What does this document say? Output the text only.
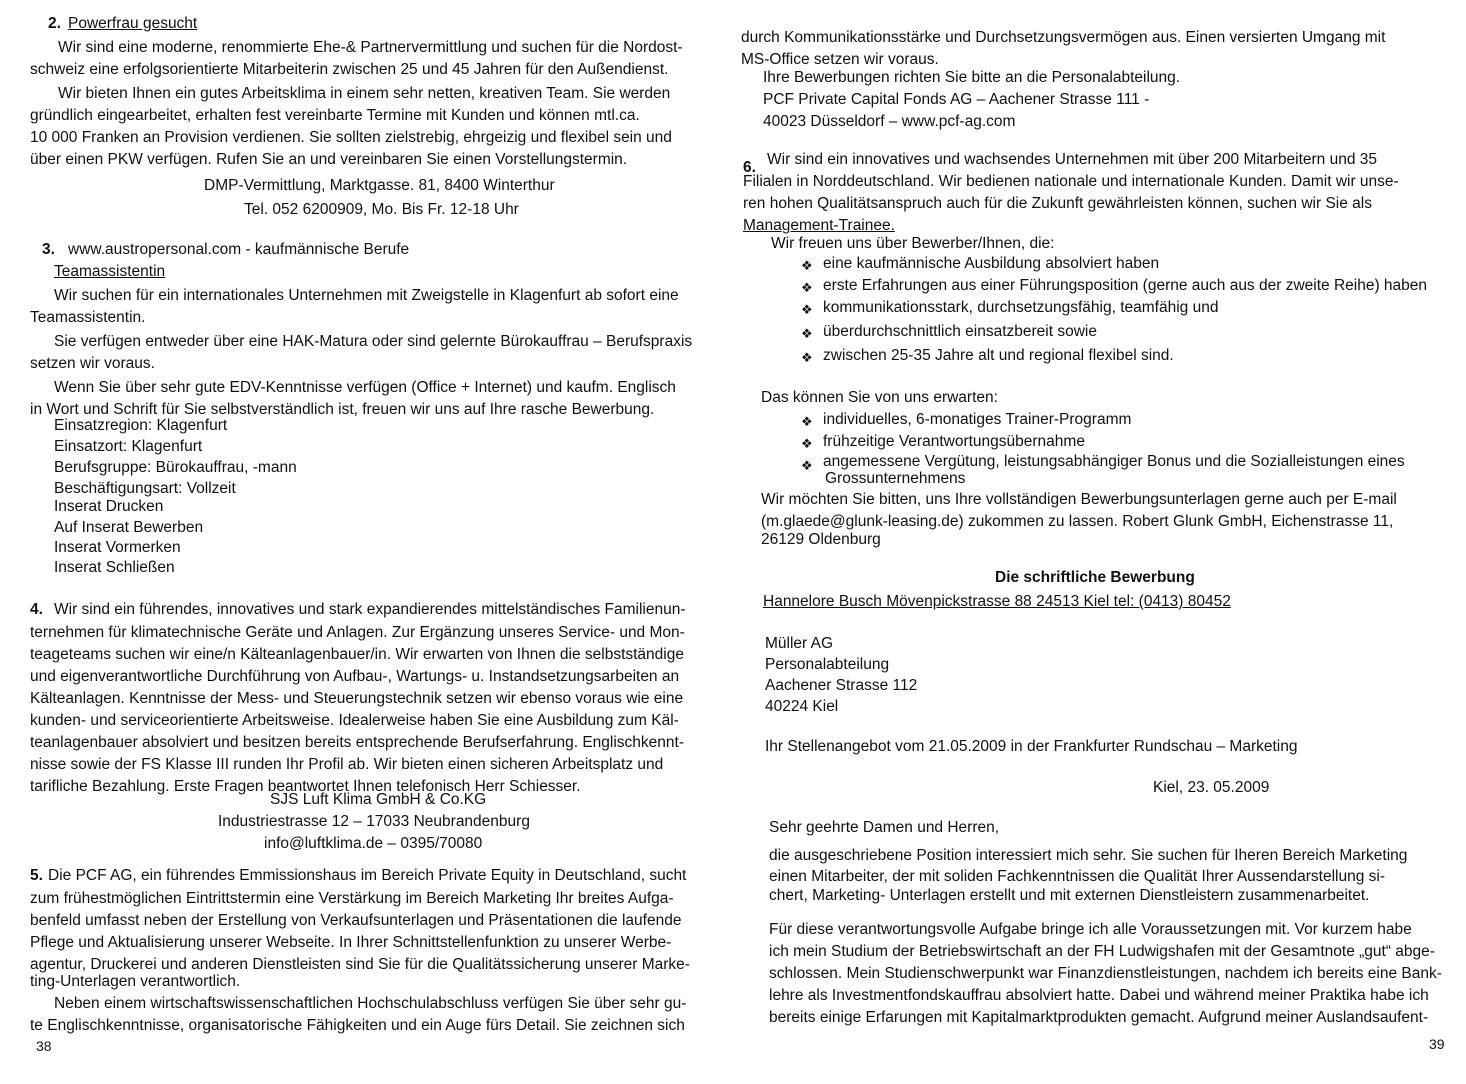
2. Powerfrau gesucht
Wir sind eine moderne, renommierte Ehe-& Partnervermittlung und suchen für die Nordost-
schweiz eine erfolgsorientierte Mitarbeiterin zwischen 25 und 45 Jahren für den Außendienst.
Wir bieten Ihnen ein gutes Arbeitsklima in einem sehr netten, kreativen Team. Sie werden
gründlich eingearbeitet, erhalten fest vereinbarte Termine mit Kunden und können mtl.ca.
10 000 Franken an Provision verdienen. Sie sollten zielstrebig, ehrgeizig und flexibel sein und
über einen PKW verfügen. Rufen Sie an und vereinbaren Sie einen Vorstellungstermin.
DMP-Vermittlung, Marktgasse. 81, 8400 Winterthur
Tel. 052 6200909, Mo. Bis Fr. 12-18 Uhr
3. www.austropersonal.com - kaufmännische Berufe
Teamassistentin
Wir suchen für ein internationales Unternehmen mit Zweigstelle in Klagenfurt ab sofort eine
Teamassistentin.
Sie verfügen entweder über eine HAK-Matura oder sind gelernte Bürokauffrau – Berufspraxis
setzen wir voraus.
Wenn Sie über sehr gute EDV-Kenntnisse verfügen (Office + Internet) und kaufm. Englisch
in Wort und Schrift für Sie selbstverständlich ist, freuen wir uns auf Ihre rasche Bewerbung.
Einsatzregion: Klagenfurt
Einsatzort: Klagenfurt
Berufsgruppe: Bürokauffrau, -mann
Beschäftigungsart: Vollzeit
Inserat Drucken
Auf Inserat Bewerben
Inserat Vormerken
Inserat Schließen
4. Wir sind ein führendes, innovatives und stark expandierendes mittelständisches Familienun-
ternehmen für klimatechnische Geräte und Anlagen. Zur Ergänzung unseres Service- und Mon-
teageteams suchen wir eine/n Kälteanlagenbauer/in. Wir erwarten von Ihnen die selbstständige
und eigenverantwortliche Durchführung von Aufbau-, Wartungs- u. Instandsetzungsarbeiten an
Kälteanlagen. Kenntnisse der Mess- und Steuerungstechnik setzen wir ebenso voraus wie eine
kunden- und serviceorientierte Arbeitsweise. Idealerweise haben Sie eine Ausbildung zum Käl-
teanlagenbauer absolviert und besitzen bereits entsprechende Berufserfahrung. Englischkennt-
nisse sowie der FS Klasse III runden Ihr Profil ab. Wir bieten einen sicheren Arbeitsplatz und
tarifliche Bezahlung. Erste Fragen beantwortet Ihnen telefonisch Herr Schiesser.
SJS Luft Klima GmbH & Co.KG
Industriestrasse 12 – 17033 Neubrandenburg
info@luftklima.de – 0395/70080
5. Die PCF AG, ein führendes Emmissionshaus im Bereich Private Equity in Deutschland, sucht
zum frühestmöglichen Eintrittstermin eine Verstärkung im Bereich Marketing Ihr breites Aufga-
benfeld umfasst neben der Erstellung von Verkaufsunterlagen und Präsentationen die laufende
Pflege und Aktualisierung unserer Webseite. In Ihrer Schnittstellenfunktion zu unserer Werbe-
agentur, Druckerei und anderen Dienstleisten sind Sie für die Qualitätssicherung unserer Marke-
ting-Unterlagen verantwortlich.
Neben einem wirtschaftswissenschaftlichen Hochschulabschluss verfügen Sie über sehr gu-
te Englischkenntnisse, organisatorische Fähigkeiten und ein Auge fürs Detail. Sie zeichnen sich
38
durch Kommunikationsstärke und Durchsetzungsvermögen aus. Einen versierten Umgang mit
MS-Office setzen wir voraus.
Ihre Bewerbungen richten Sie bitte an die Personalabteilung.
PCF Private Capital Fonds AG – Aachener Strasse 111 -
40023 Düsseldorf – www.pcf-ag.com
6. Wir sind ein innovatives und wachsendes Unternehmen mit über 200 Mitarbeitern und 35
Filialen in Norddeutschland. Wir bedienen nationale und internationale Kunden. Damit wir unse-
ren hohen Qualitätsanspruch auch für die Zukunft gewährleisten können, suchen wir Sie als
Management-Trainee.
Wir freuen uns über Bewerber/Ihnen, die:
❖ eine kaufmännische Ausbildung absolviert haben
❖ erste Erfahrungen aus einer Führungsposition (gerne auch aus der zweite Reihe) haben
❖ kommunikationsstark, durchsetzungsfähig, teamfähig und
❖ überdurchschnittlich einsatzbereit sowie
❖ zwischen 25-35 Jahre alt und regional flexibel sind.
Das können Sie von uns erwarten:
❖ individuelles, 6-monatiges Trainer-Programm
❖ frühzeitige Verantwortungsübernahme
❖ angemessene Vergütung, leistungsabhängiger Bonus und die Sozialleistungen eines
Grossunternehmens
Wir möchten Sie bitten, uns Ihre vollständigen Bewerbungsunterlagen gerne auch per E-mail
(m.glaede@glunk-leasing.de) zukommen zu lassen. Robert Glunk GmbH, Eichenstrasse 11,
26129 Oldenburg
Die schriftliche Bewerbung
Hannelore Busch Mövenpickstrasse 88 24513 Kiel tel: (0413) 80452
Müller AG
Personalabteilung
Aachener Strasse 112
40224 Kiel
Ihr Stellenangebot vom 21.05.2009 in der Frankfurter Rundschau – Marketing
Kiel, 23. 05.2009
Sehr geehrte Damen und Herren,
die ausgeschriebene Position interessiert mich sehr. Sie suchen für Iheren Bereich Marketing
einen Mitarbeiter, der mit soliden Fachkenntnissen die Qualität Ihrer Aussendarstellung si-
chert, Marketing- Unterlagen erstellt und mit externen Dienstleistern zusammenarbeitet.
Für diese verantwortungsvolle Aufgabe bringe ich alle Voraussetzungen mit. Vor kurzem habe
ich mein Studium der Betriebswirtschaft an der FH Ludwigshafen mit der Gesamtnote „gut“ abge-
schlossen. Mein Studienschwerpunkt war Finanzdienstleistungen, nachdem ich bereits eine Bank-
lehre als Investmentfondskauffrau absolviert hatte. Dabei und während meiner Praktika habe ich
bereits einige Erfarungen mit Kapitalmarktprodukten gemacht. Aufgrund meiner Auslandsaufent-
39
